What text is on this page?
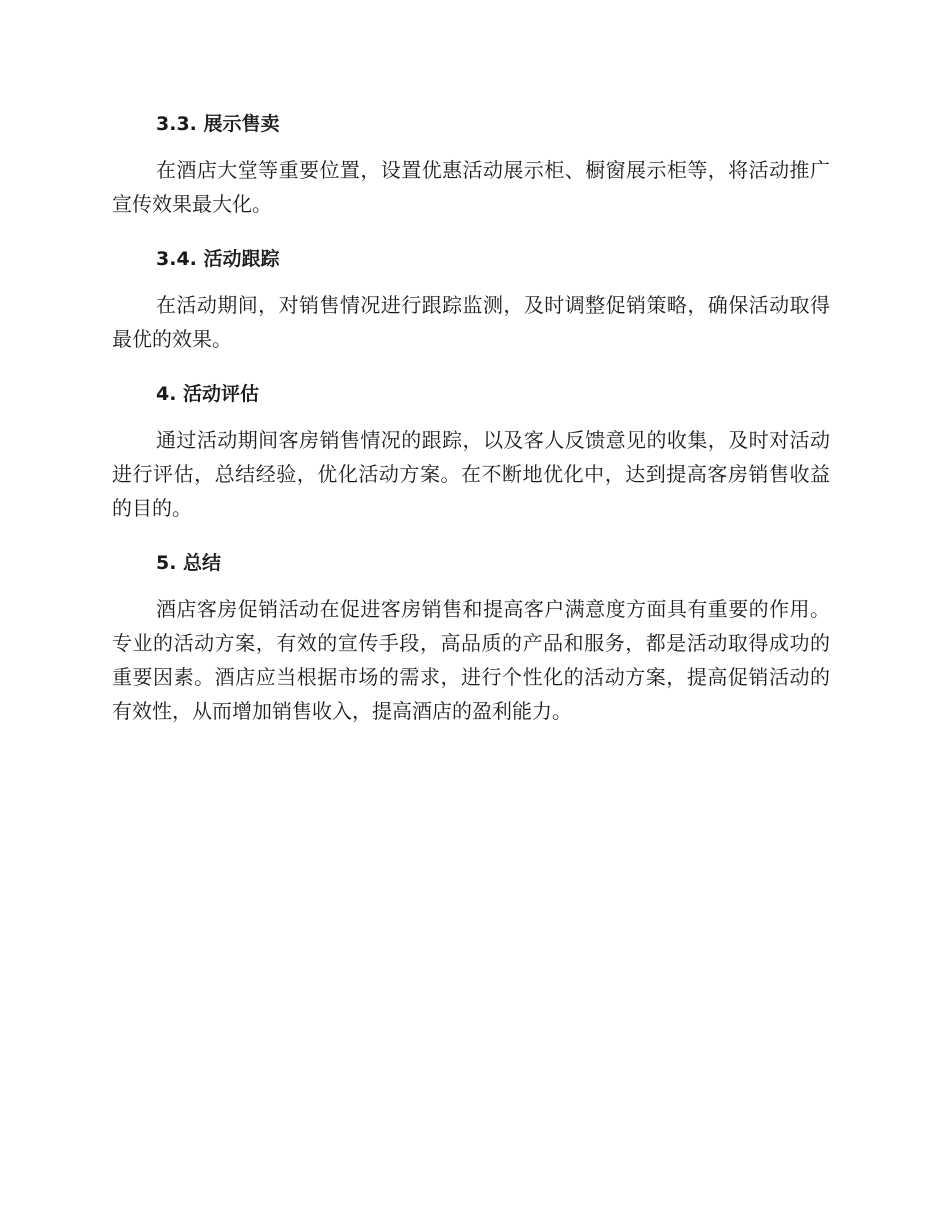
3.3. 展示售卖

在酒店大堂等重要位置，设置优惠活动展示柜、橱窗展示柜等，将活动推广宣传效果最大化。

3.4. 活动跟踪

在活动期间，对销售情况进行跟踪监测，及时调整促销策略，确保活动取得最优的效果。

4. 活动评估

通过活动期间客房销售情况的跟踪，以及客人反馈意见的收集，及时对活动进行评估，总结经验，优化活动方案。在不断地优化中，达到提高客房销售收益的目的。

5. 总结

酒店客房促销活动在促进客房销售和提高客户满意度方面具有重要的作用。专业的活动方案，有效的宣传手段，高品质的产品和服务，都是活动取得成功的重要因素。酒店应当根据市场的需求，进行个性化的活动方案，提高促销活动的有效性，从而增加销售收入，提高酒店的盈利能力。
